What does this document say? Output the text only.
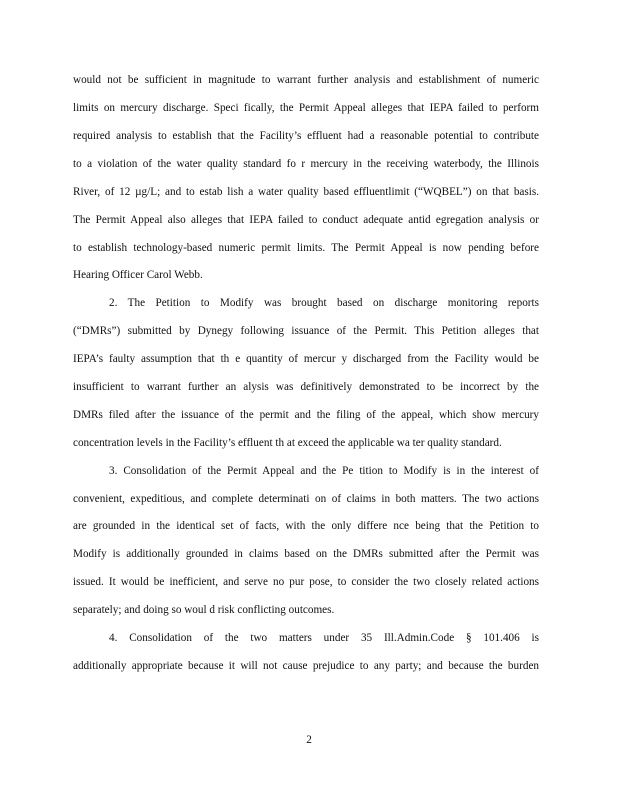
would not be sufficient in magnitude to warrant further analysis and establishment of numeric
limits on mercury discharge. Speci fically, the Permit Appeal alleges that IEPA failed to perform
required analysis to establish that the Facility’s effluent had a reasonable potential to contribute
to a violation of the water quality standard fo r mercury in the receiving waterbody, the Illinois
River, of 12 µg/L; and to estab lish a water quality based effluentlimit (“WQBEL”) on that basis.
The Permit Appeal also alleges that IEPA failed to conduct adequate antid egregation analysis or
to establish technology-based numeric permit limits. The Permit Appeal is now pending before
Hearing Officer Carol Webb.
2. The Petition to Modify was brought based on discharge monitoring reports
(“DMRs”) submitted by Dynegy following issuance of the Permit. This Petition alleges that
IEPA’s faulty assumption that th e quantity of mercur y discharged from the Facility would be
insufficient to warrant further an alysis was definitively demonstrated to be incorrect by the
DMRs filed after the issuance of the permit and the filing of the appeal, which show mercury
concentration levels in the Facility’s effluent th at exceed the applicable wa ter quality standard.
3. Consolidation of the Permit Appeal and the Pe tition to Modify is in the interest of
convenient, expeditious, and complete determinati on of claims in both matters. The two actions
are grounded in the identical set of facts, with the only differe nce being that the Petition to
Modify is additionally grounded in claims based on the DMRs submitted after the Permit was
issued. It would be inefficient, and serve no pur pose, to consider the two closely related actions
separately; and doing so woul d risk conflicting outcomes.
4. Consolidation of the two matters under 35 Ill.Admin.Code § 101.406 is
additionally appropriate because it will not cause prejudice to any party; and because the burden
2
